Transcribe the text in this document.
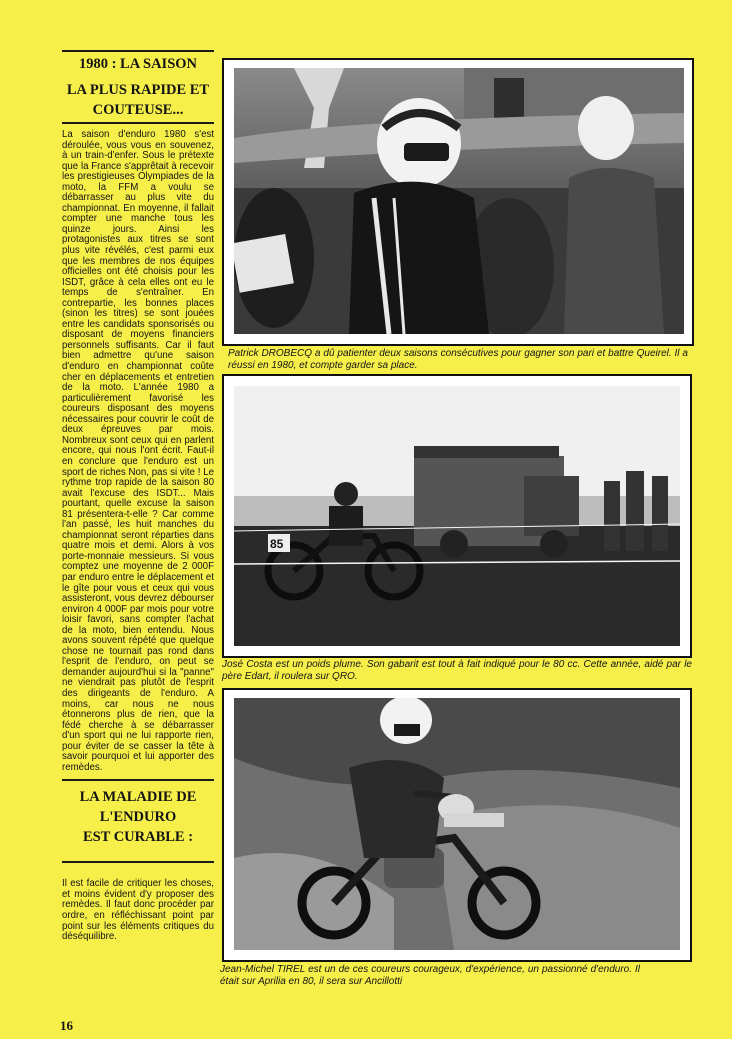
1980 : LA SAISON
LA PLUS RAPIDE ET
COUTEUSE...

La saison d'enduro 1980 s'est déroulée, vous vous en souvenez, à un train-d'enfer. Sous le prétexte que la France s'apprêtait à recevoir les prestigieuses Olympiades de la moto, la FFM a voulu se débarrasser au plus vite du championnat. En moyenne, il fallait compter une manche tous les quinze jours. Ainsi les protagonistes aux titres se sont plus vite révélés, c'est parmi eux que les membres de nos équipes officielles ont été choisis pour les ISDT, grâce à cela elles ont eu le temps de s'entraîner. En contrepartie, les bonnes places (sinon les titres) se sont jouées entre les candidats sponsorisés ou disposant de moyens financiers personnels suffisants. Car il faut bien admettre qu'une saison d'enduro en championnat coûte cher en déplacements et entretien de la moto. L'année 1980 a particulièrement favorisé les coureurs disposant des moyens nécessaires pour couvrir le coût de deux épreuves par mois. Nombreux sont ceux qui en parlent encore, qui nous l'ont écrit. Faut-il en conclure que l'enduro est un sport de riches Non, pas si vite ! Le rythme trop rapide de la saison 80 avait l'excuse des ISDT... Mais pourtant, quelle excuse la saison 81 présentera-t-elle ? Car comme l'an passé, les huit manches du championnat seront réparties dans quatre mois et demi. Alors à vos porte-monnaie messieurs. Si vous comptez une moyenne de 2 000F par enduro entre le déplacement et le gîte pour vous et ceux qui vous assisteront, vous devrez débourser environ 4 000F par mois pour votre loisir favori, sans compter l'achat de la moto, bien entendu. Nous avons souvent répété que quelque chose ne tournait pas rond dans l'esprit de l'enduro, on peut se demander aujourd'hui si la "panne" ne viendrait pas plutôt de l'esprit des dirigeants de l'enduro. A moins, car nous ne nous étonnerons plus de rien, que la fédé cherche à se débarrasser d'un sport qui ne lui rapporte rien, pour éviter de se casser la tête à savoir pourquoi et lui apporter des remèdes.

LA MALADIE DE
L'ENDURO
EST CURABLE :

Il est facile de critiquer les choses, et moins évident d'y proposer des remèdes. Il faut donc procéder par ordre, en réfléchissant point par point sur les éléments critiques du déséquilibre.

16
Patrick DROBECQ a dû patienter deux saisons consécutives pour gagner son pari et battre Queirel. Il a réussi en 1980, et compte garder sa place.
85
José Costa est un poids plume. Son gabarit est tout à fait indiqué pour le 80 cc. Cette année, aidé par le père Edart, il roulera sur QRO.
Jean-Michel TIREL est un de ces coureurs courageux, d'expérience, un passionné d'enduro. Il était sur Aprilia en 80, il sera sur Ancillotti
